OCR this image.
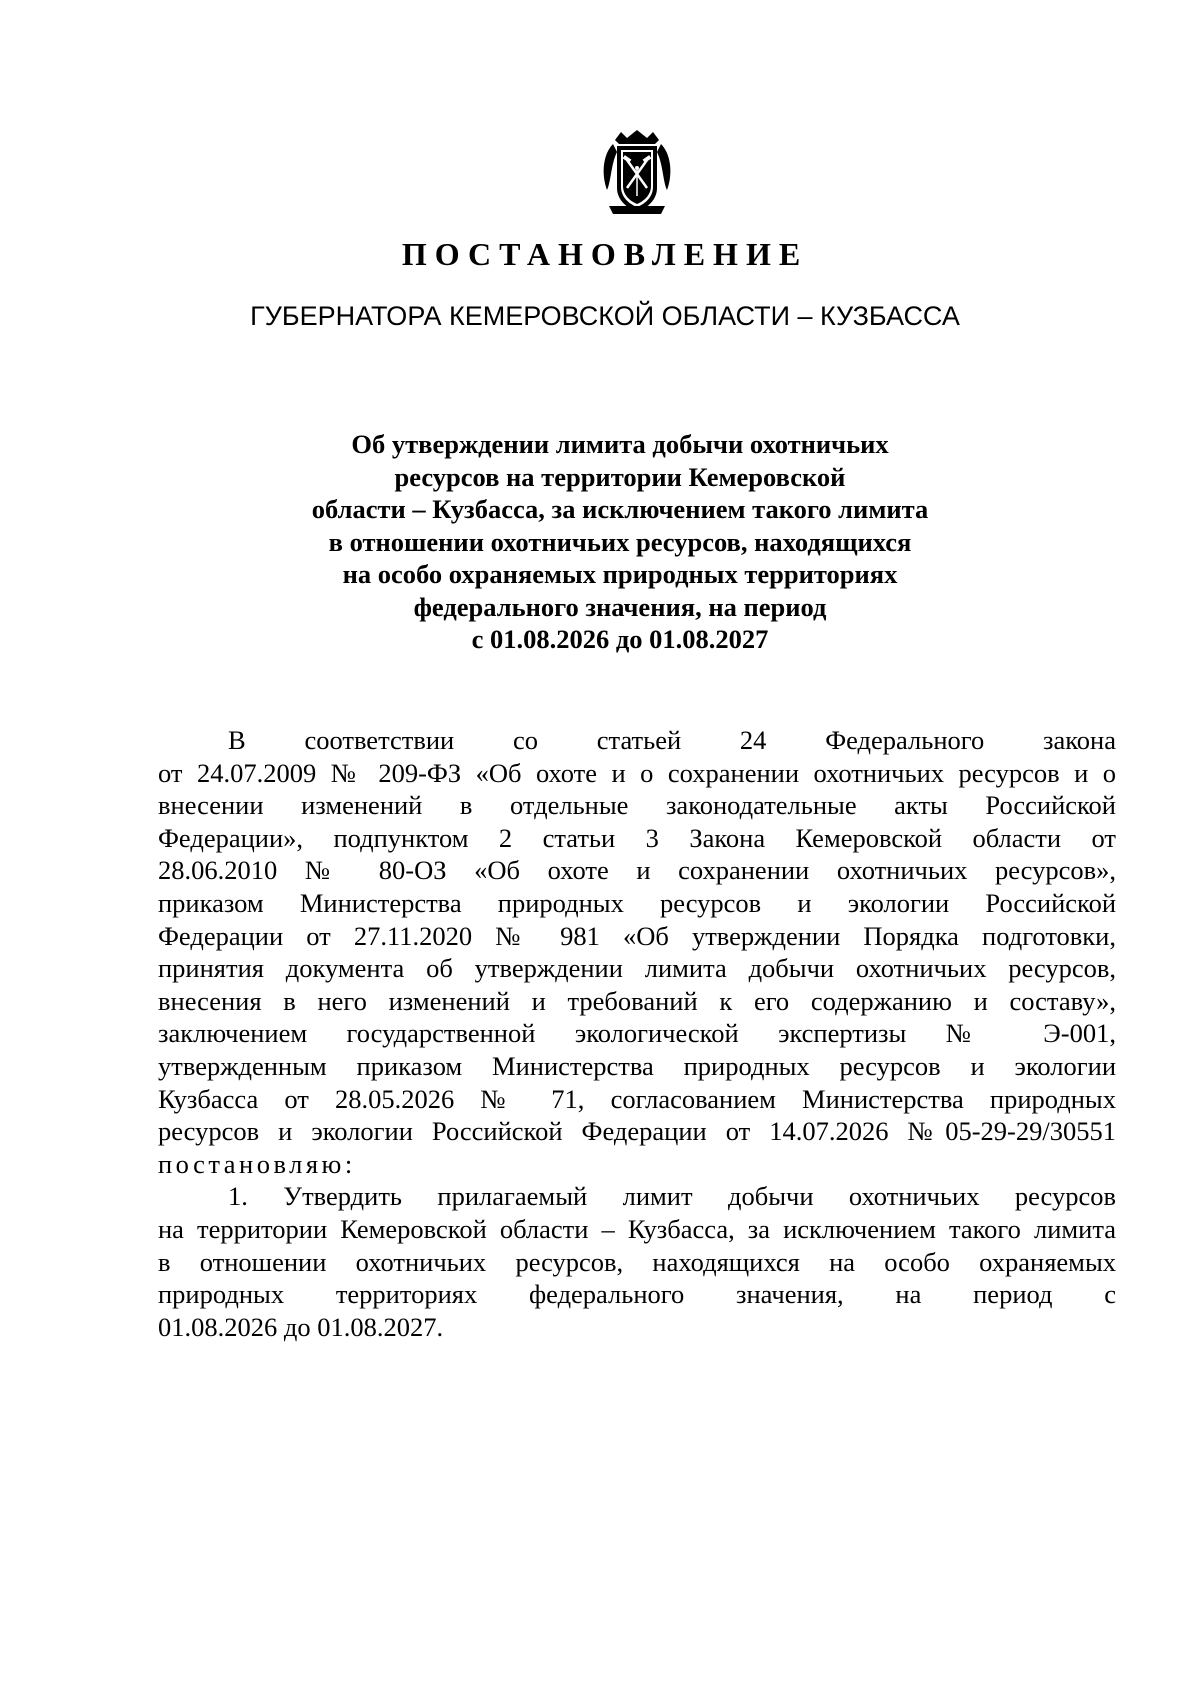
ПОСТАНОВЛЕНИЕ
ГУБЕРНАТОРА КЕМЕРОВСКОЙ ОБЛАСТИ – КУЗБАССА
Об утверждении лимита добычи охотничьих
ресурсов на территории Кемеровской
области – Кузбасса, за исключением такого лимита
в отношении охотничьих ресурсов, находящихся
на особо охраняемых природных территориях
федерального значения, на период
с 01.08.2026 до 01.08.2027
В соответствии со статьей 24 Федерального закона
от 24.07.2009 № 209-ФЗ «Об охоте и о сохранении охотничьих ресурсов и о
внесении изменений в отдельные законодательные акты Российской
Федерации», подпунктом 2 статьи 3 Закона Кемеровской области от
28.06.2010 № 80-ОЗ «Об охоте и сохранении охотничьих ресурсов»,
приказом Министерства природных ресурсов и экологии Российской
Федерации от 27.11.2020 № 981 «Об утверждении Порядка подготовки,
принятия документа об утверждении лимита добычи охотничьих ресурсов,
внесения в него изменений и требований к его содержанию и составу»,
заключением государственной экологической экспертизы № Э-001,
утвержденным приказом Министерства природных ресурсов и экологии
Кузбасса от 28.05.2026 № 71, согласованием Министерства природных
ресурсов и экологии Российской Федерации от 14.07.2026 №05-29-29/30551
постановляю:
1. Утвердить прилагаемый лимит добычи охотничьих ресурсов
на территории Кемеровской области – Кузбасса, за исключением такого лимита
в отношении охотничьих ресурсов, находящихся на особо охраняемых
природных территориях федерального значения, на период с
01.08.2026 до 01.08.2027.
